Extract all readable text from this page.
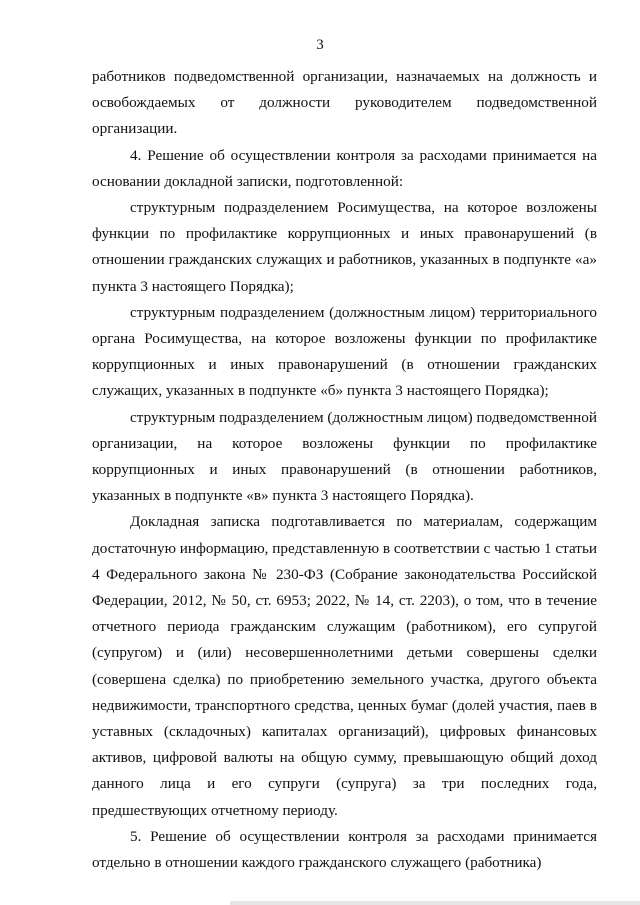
3

работников подведомственной организации, назначаемых на должность и освобождаемых от должности руководителем подведомственной организации.

4. Решение об осуществлении контроля за расходами принимается на основании докладной записки, подготовленной:

структурным подразделением Росимущества, на которое возложены функции по профилактике коррупционных и иных правонарушений (в отношении гражданских служащих и работников, указанных в подпункте «а» пункта 3 настоящего Порядка);

структурным подразделением (должностным лицом) территориального органа Росимущества, на которое возложены функции по профилактике коррупционных и иных правонарушений (в отношении гражданских служащих, указанных в подпункте «б» пункта 3 настоящего Порядка);

структурным подразделением (должностным лицом) подведомственной организации, на которое возложены функции по профилактике коррупционных и иных правонарушений (в отношении работников, указанных в подпункте «в» пункта 3 настоящего Порядка).

Докладная записка подготавливается по материалам, содержащим достаточную информацию, представленную в соответствии с частью 1 статьи 4 Федерального закона № 230-ФЗ (Собрание законодательства Российской Федерации, 2012, № 50, ст. 6953; 2022, № 14, ст. 2203), о том, что в течение отчетного периода гражданским служащим (работником), его супругой (супругом) и (или) несовершеннолетними детьми совершены сделки (совершена сделка) по приобретению земельного участка, другого объекта недвижимости, транспортного средства, ценных бумаг (долей участия, паев в уставных (складочных) капиталах организаций), цифровых финансовых активов, цифровой валюты на общую сумму, превышающую общий доход данного лица и его супруги (супруга) за три последних года, предшествующих отчетному периоду.

5. Решение об осуществлении контроля за расходами принимается отдельно в отношении каждого гражданского служащего (работника)
